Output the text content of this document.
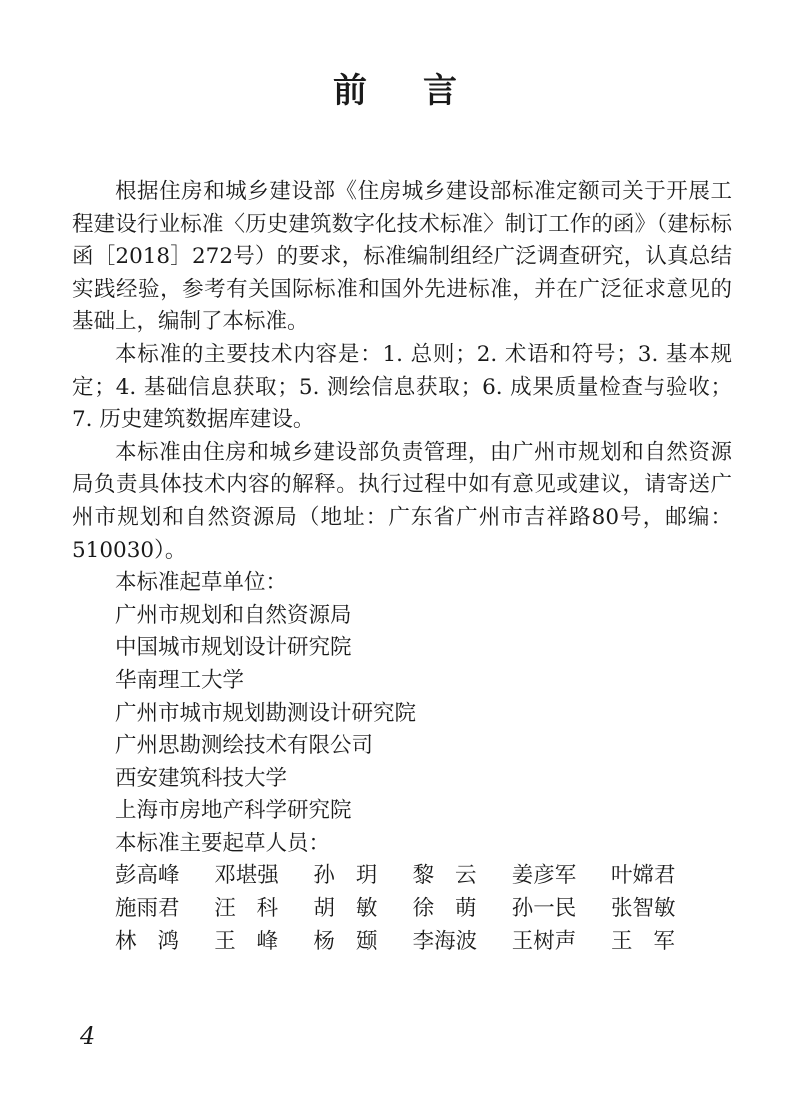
前言

根据住房和城乡建设部《住房城乡建设部标准定额司关于开展工程建设行业标准〈历史建筑数字化技术标准〉制订工作的函》（建标标函［2018］272号）的要求，标准编制组经广泛调查研究，认真总结实践经验，参考有关国际标准和国外先进标准，并在广泛征求意见的基础上，编制了本标准。

本标准的主要技术内容是：1. 总则；2. 术语和符号；3. 基本规定；4. 基础信息获取；5. 测绘信息获取；6. 成果质量检查与验收；7. 历史建筑数据库建设。

本标准由住房和城乡建设部负责管理，由广州市规划和自然资源局负责具体技术内容的解释。执行过程中如有意见或建议，请寄送广州市规划和自然资源局（地址：广东省广州市吉祥路80号，邮编：510030）。

本标准起草单位：

广州市规划和自然资源局
中国城市规划设计研究院
华南理工大学
广州市城市规划勘测设计研究院
广州思勘测绘技术有限公司
西安建筑科技大学
上海市房地产科学研究院

本标准主要起草人员：

彭高峰 邓堪强 孙玥 黎云 姜彦军 叶嫦君
施雨君 汪科 胡敏 徐萌 孙一民 张智敏
林鸿 王峰 杨颋 李海波 王树声 王军
4
